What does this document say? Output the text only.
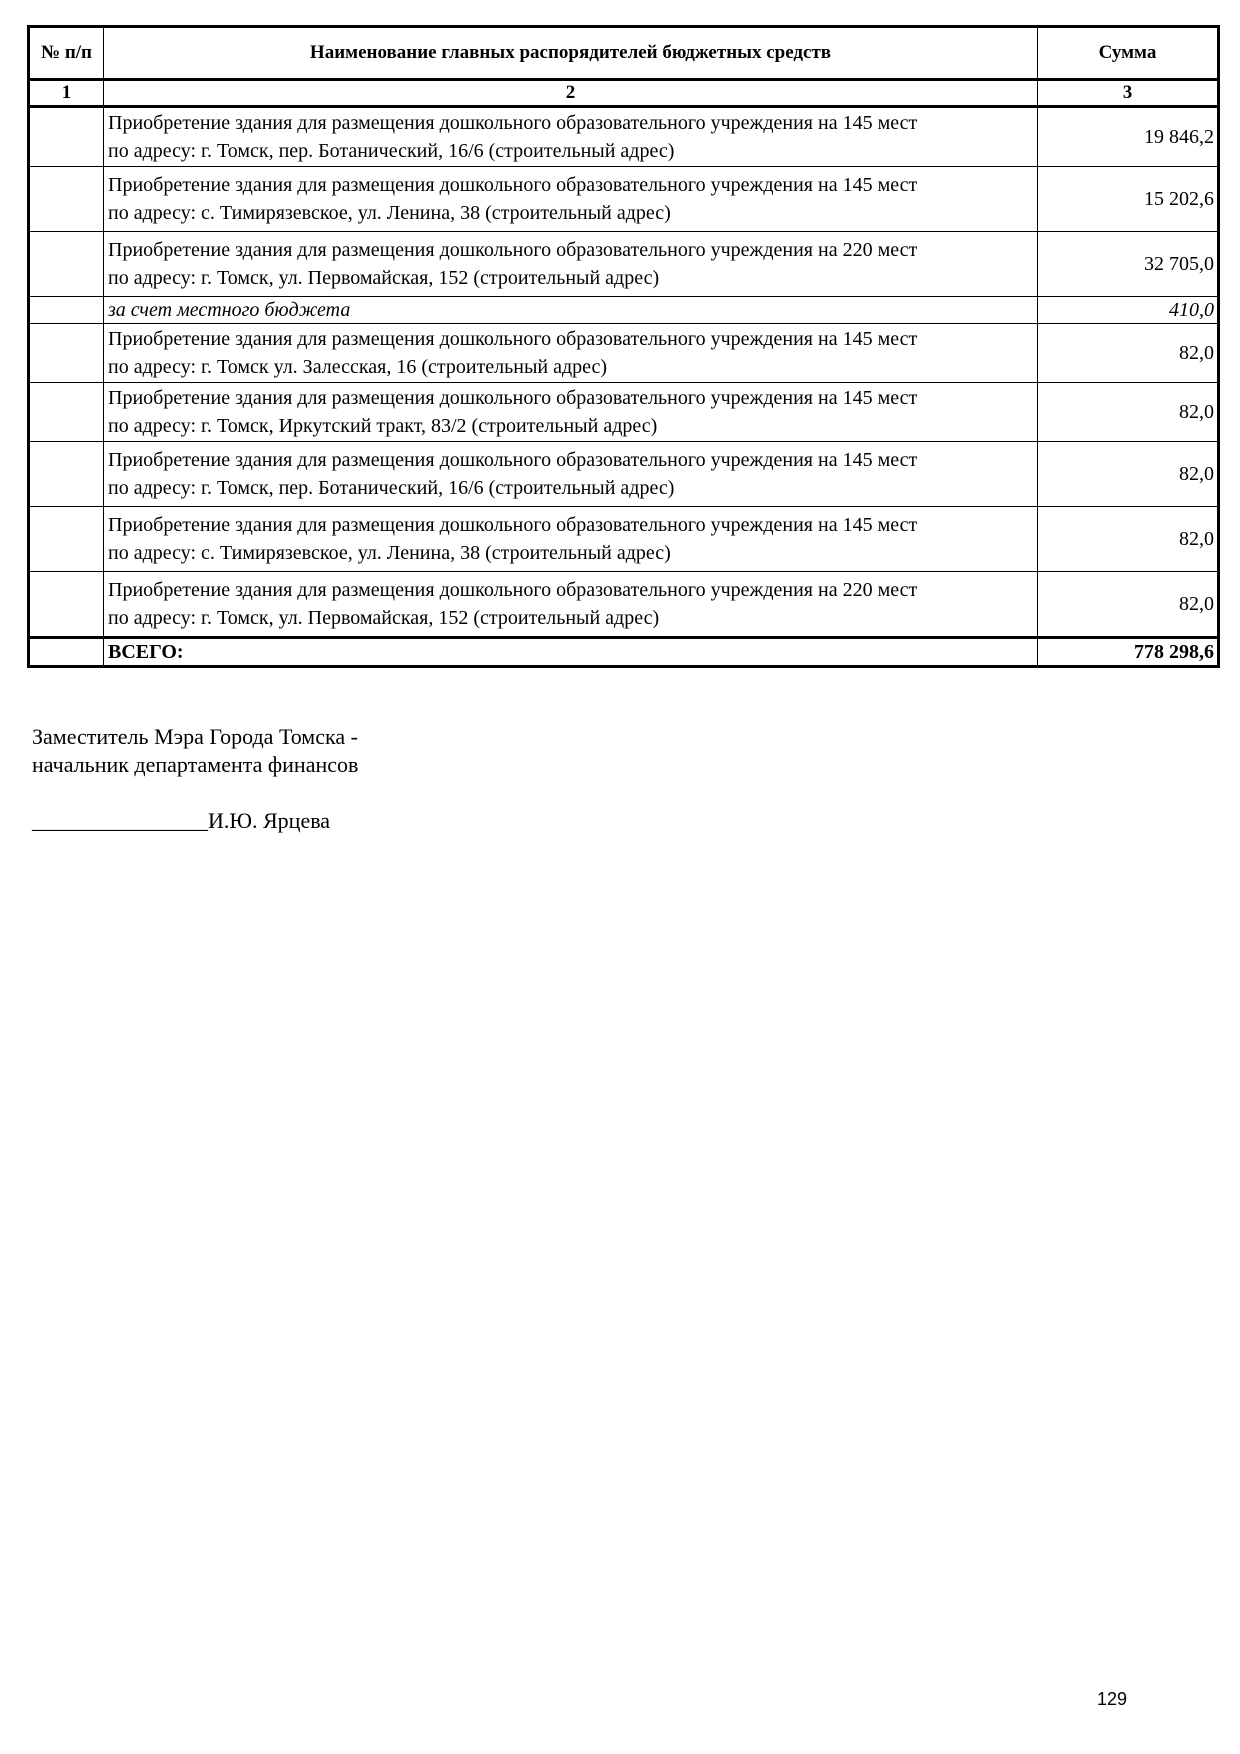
№ п/п	Наименование главных распорядителей бюджетных средств	Сумма
1	2	3
	Приобретение здания для размещения дошкольного образовательного учреждения на 145 мест
по адресу: г. Томск, пер. Ботанический, 16/6 (строительный адрес)	19 846,2
	Приобретение здания для размещения дошкольного образовательного учреждения на 145 мест
по адресу: с. Тимирязевское, ул. Ленина, 38 (строительный адрес)	15 202,6
	Приобретение здания для размещения дошкольного образовательного учреждения на 220 мест
по адресу: г. Томск, ул. Первомайская, 152 (строительный адрес)	32 705,0
	за счет местного бюджета	410,0
	Приобретение здания для размещения дошкольного образовательного учреждения на 145 мест
по адресу: г. Томск ул. Залесская, 16 (строительный адрес)	82,0
	Приобретение здания для размещения дошкольного образовательного учреждения на 145 мест
по адресу: г. Томск, Иркутский тракт, 83/2 (строительный адрес)	82,0
	Приобретение здания для размещения дошкольного образовательного учреждения на 145 мест
по адресу: г. Томск, пер. Ботанический, 16/6 (строительный адрес)	82,0
	Приобретение здания для размещения дошкольного образовательного учреждения на 145 мест
по адресу: с. Тимирязевское, ул. Ленина, 38 (строительный адрес)	82,0
	Приобретение здания для размещения дошкольного образовательного учреждения на 220 мест
по адресу: г. Томск, ул. Первомайская, 152 (строительный адрес)	82,0
	ВСЕГО:	778 298,6
Заместитель Мэра Города Томска -
начальник департамента финансов
________________И.Ю. Ярцева
129
